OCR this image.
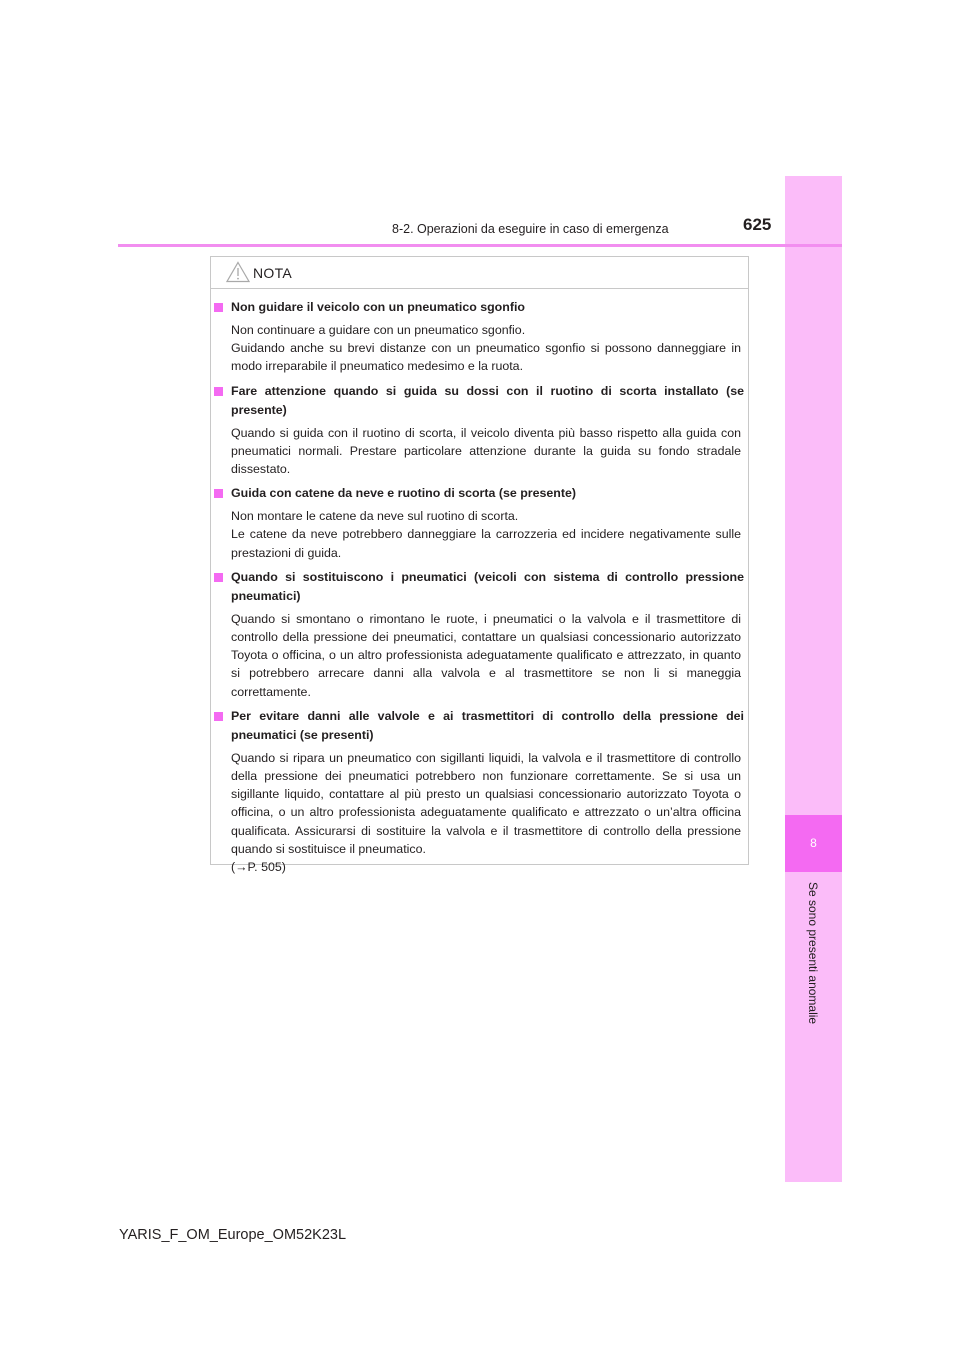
8
Se sono presenti anomalie
8-2. Operazioni da eseguire in caso di emergenza	625
NOTA
Non guidare il veicolo con un pneumatico sgonfio
Non continuare a guidare con un pneumatico sgonfio.
Guidando anche su brevi distanze con un pneumatico sgonfio si possono danneggiare in modo irreparabile il pneumatico medesimo e la ruota.
Fare attenzione quando si guida su dossi con il ruotino di scorta installato (se presente)
Quando si guida con il ruotino di scorta, il veicolo diventa più basso rispetto alla guida con pneumatici normali. Prestare particolare attenzione durante la guida su fondo stradale dissestato.
Guida con catene da neve e ruotino di scorta (se presente)
Non montare le catene da neve sul ruotino di scorta.
Le catene da neve potrebbero danneggiare la carrozzeria ed incidere negativamente sulle prestazioni di guida.
Quando si sostituiscono i pneumatici (veicoli con sistema di controllo pressione pneumatici)
Quando si smontano o rimontano le ruote, i pneumatici o la valvola e il trasmettitore di controllo della pressione dei pneumatici, contattare un qualsiasi concessionario autorizzato Toyota o officina, o un altro professionista adeguatamente qualificato e attrezzato, in quanto si potrebbero arrecare danni alla valvola e al trasmettitore se non li si maneggia correttamente.
Per evitare danni alle valvole e ai trasmettitori di controllo della pressione dei pneumatici (se presenti)
Quando si ripara un pneumatico con sigillanti liquidi, la valvola e il trasmettitore di controllo della pressione dei pneumatici potrebbero non funzionare correttamente. Se si usa un sigillante liquido, contattare al più presto un qualsiasi concessionario autorizzato Toyota o officina, o un altro professionista adeguatamente qualificato e attrezzato o un’altra officina qualificata. Assicurarsi di sostituire la valvola e il trasmettitore di controllo della pressione quando si sostituisce il pneumatico.
(→P. 505)
YARIS_F_OM_Europe_OM52K23L
